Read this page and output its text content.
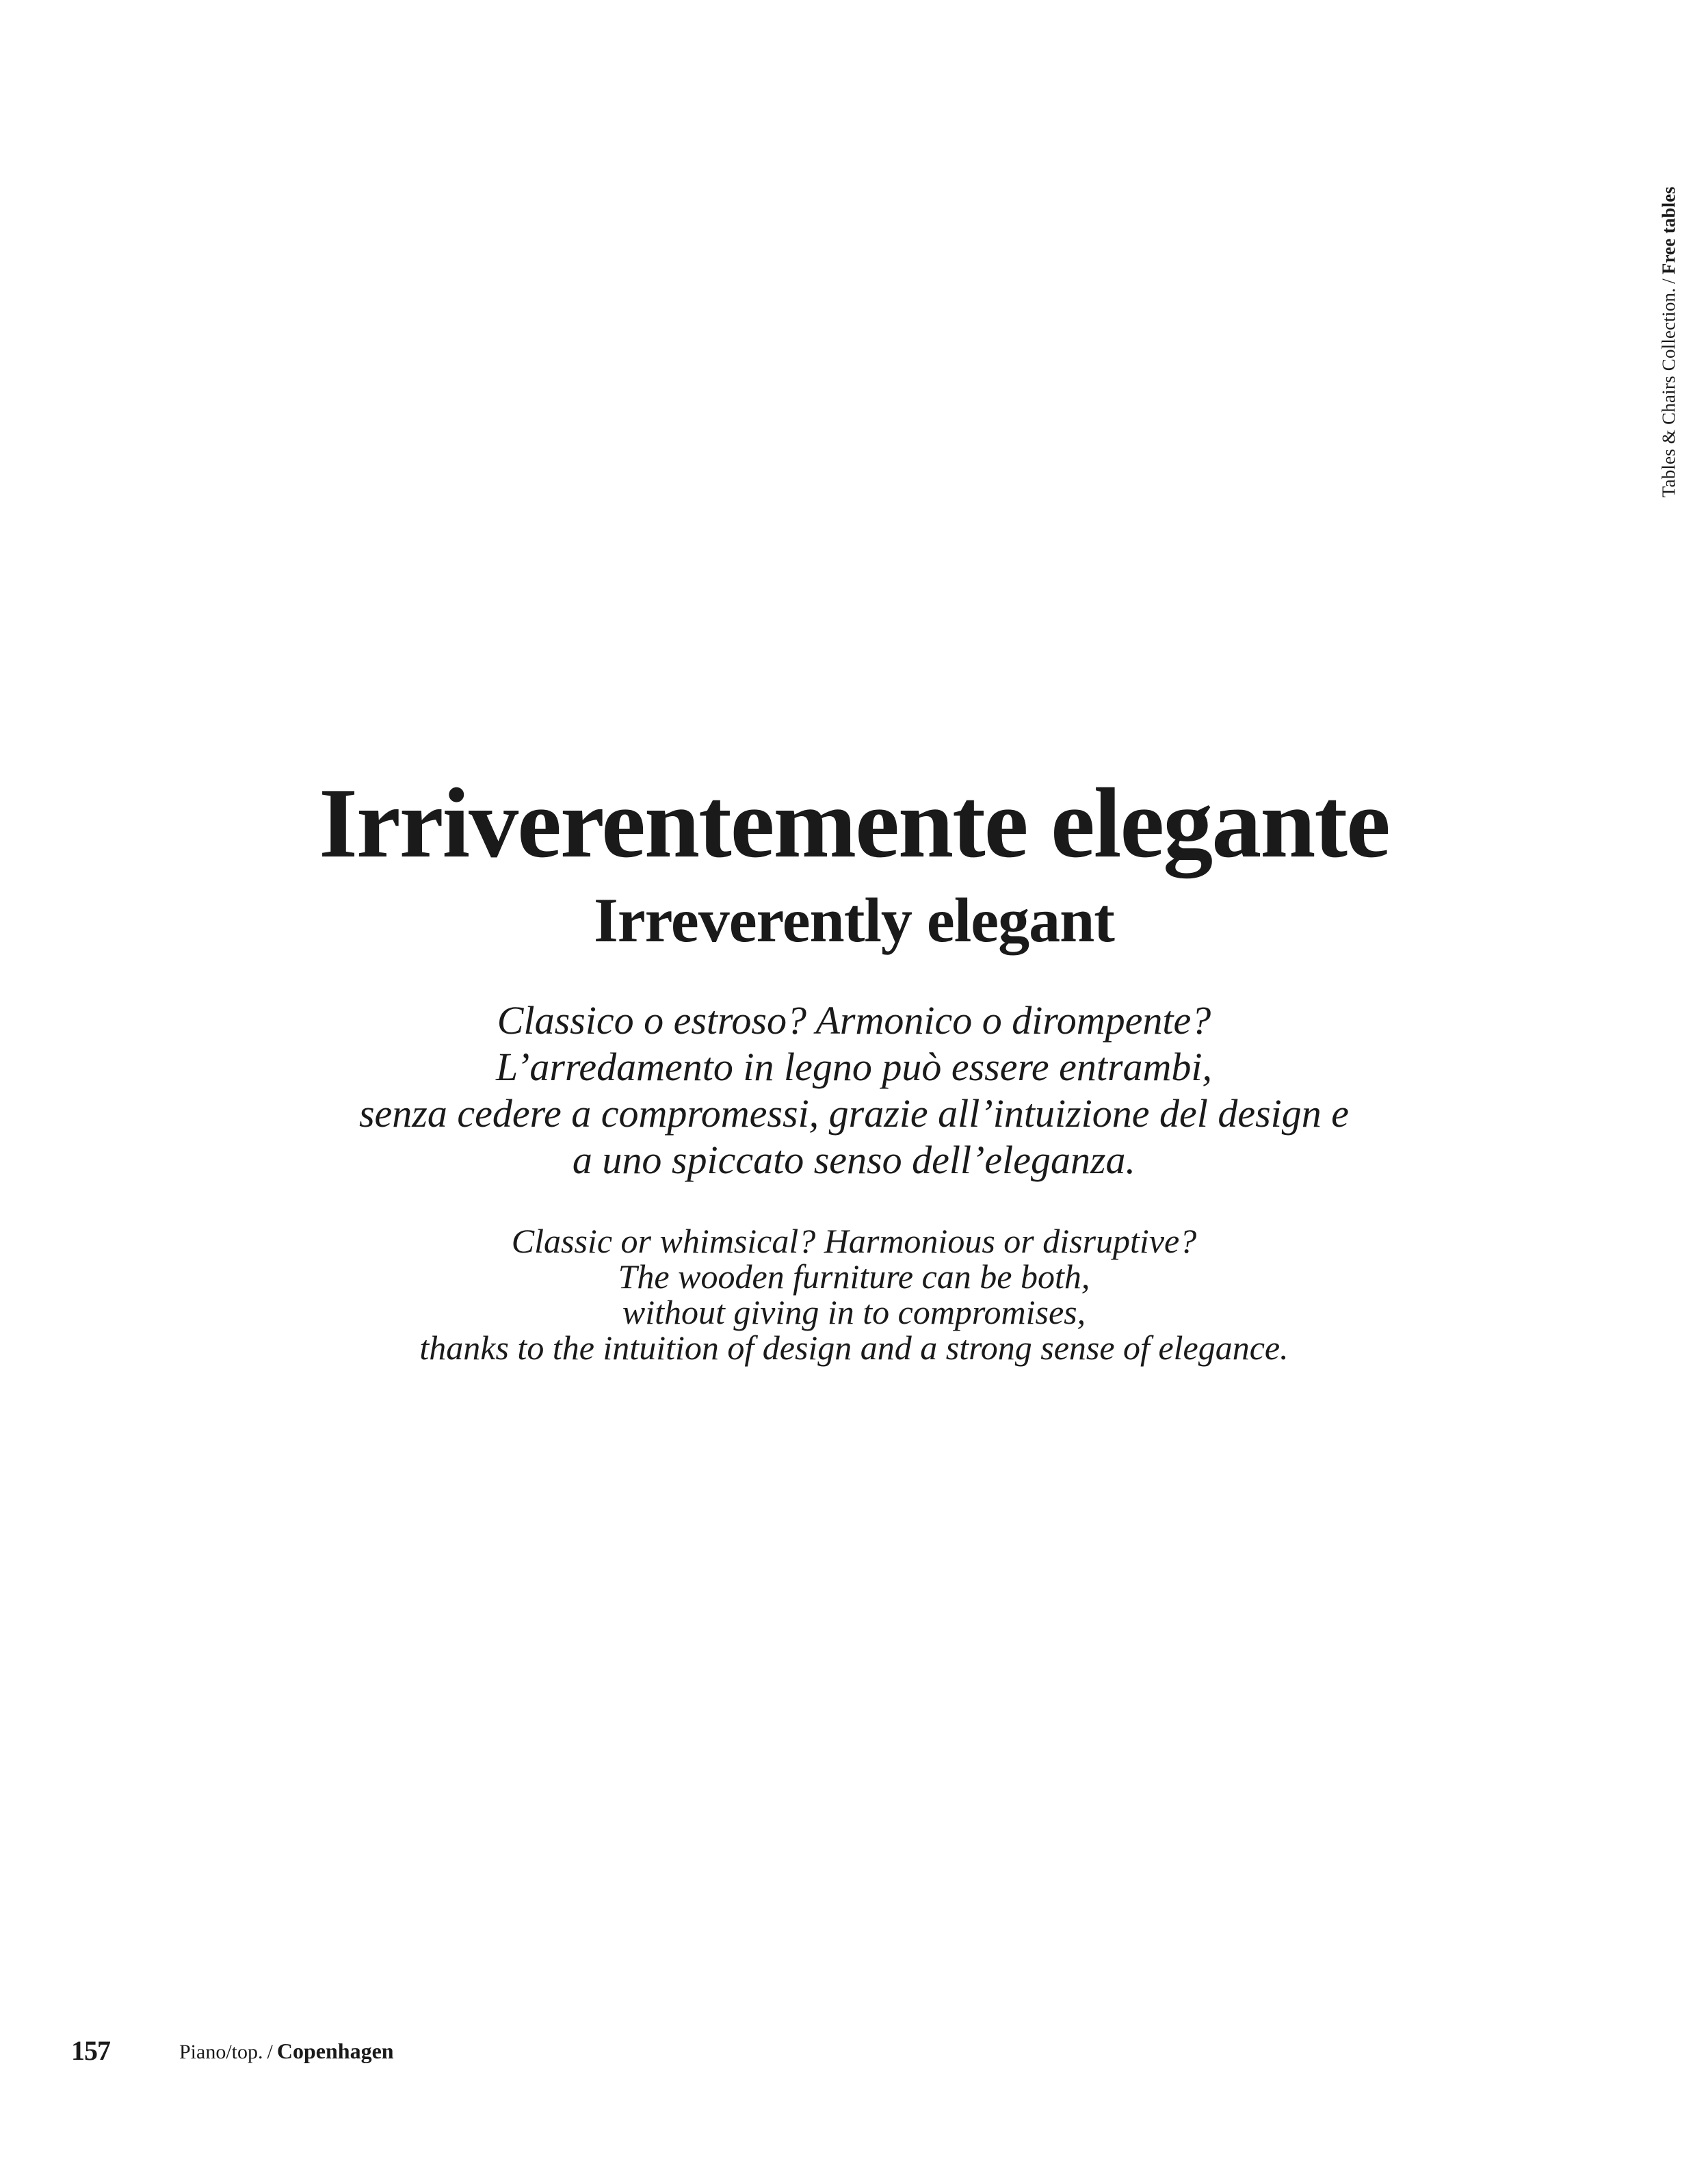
Tables & Chairs Collection./Free tables
Irriverentemente elegante
Irreverently elegant
Classico o estroso? Armonico o dirompente?
L’arredamento in legno può essere entrambi,
senza cedere a compromessi, grazie all’intuizione del design e
a uno spiccato senso dell’eleganza.
Classic or whimsical? Harmonious or disruptive?
The wooden furniture can be both,
without giving in to compromises,
thanks to the intuition of design and a strong sense of elegance.
157	Piano/top. / Copenhagen
